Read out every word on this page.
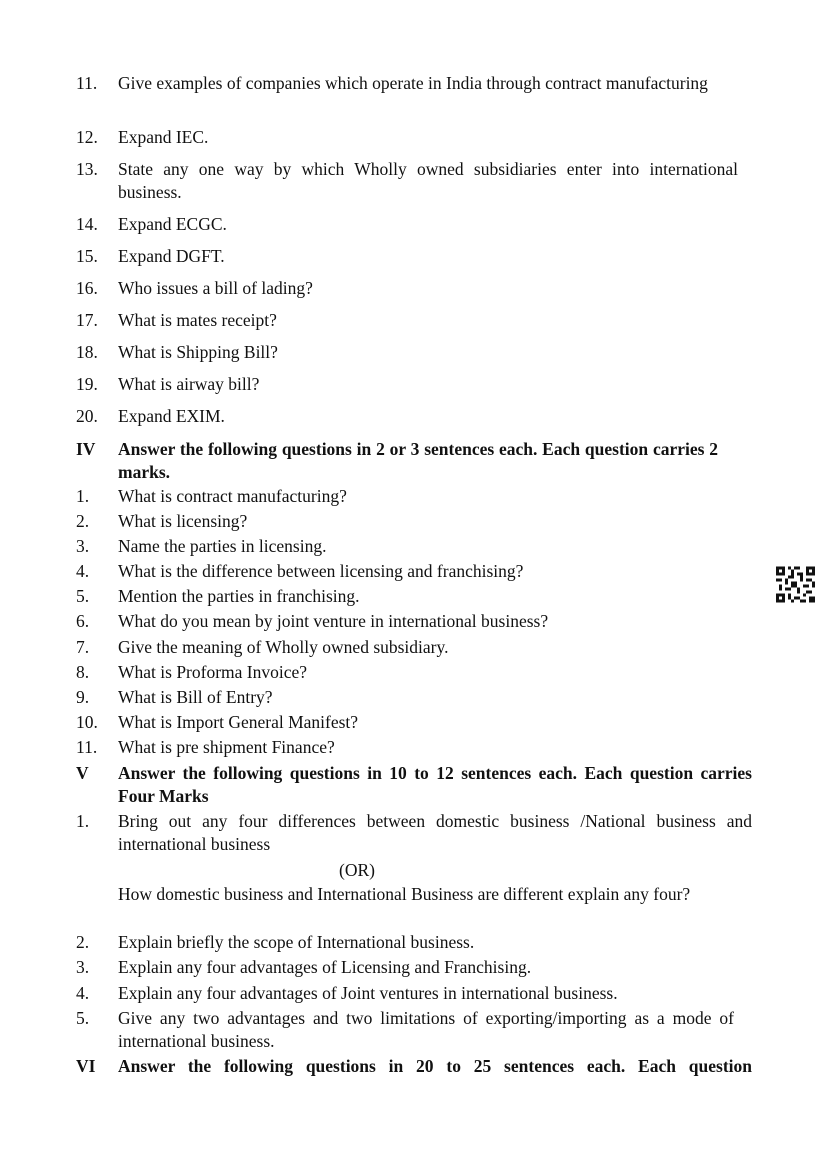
11. Give examples of companies which operate in India through contract manufacturing
12. Expand IEC.
13. State any one way by which Wholly owned subsidiaries enter into international business.
14. Expand ECGC.
15. Expand DGFT.
16. Who issues a bill of lading?
17. What is mates receipt?
18. What is Shipping Bill?
19. What is airway bill?
20. Expand EXIM.
IV Answer the following questions in 2 or 3 sentences each. Each question carries 2 marks.
1. What is contract manufacturing?
2. What is licensing?
3. Name the parties in licensing.
4. What is the difference between licensing and franchising?
5. Mention the parties in franchising.
6. What do you mean by joint venture in international business?
7. Give the meaning of Wholly owned subsidiary.
8. What is Proforma Invoice?
9. What is Bill of Entry?
10. What is Import General Manifest?
11. What is pre shipment Finance?
V Answer the following questions in 10 to 12 sentences each. Each question carries Four Marks
1. Bring out any four differences between domestic business /National business and international business
(OR)
How domestic business and International Business are different explain any four?
2. Explain briefly the scope of International business.
3. Explain any four advantages of Licensing and Franchising.
4. Explain any four advantages of Joint ventures in international business.
5. Give any two advantages and two limitations of exporting/importing as a mode of international business.
VI Answer the following questions in 20 to 25 sentences each. Each question
